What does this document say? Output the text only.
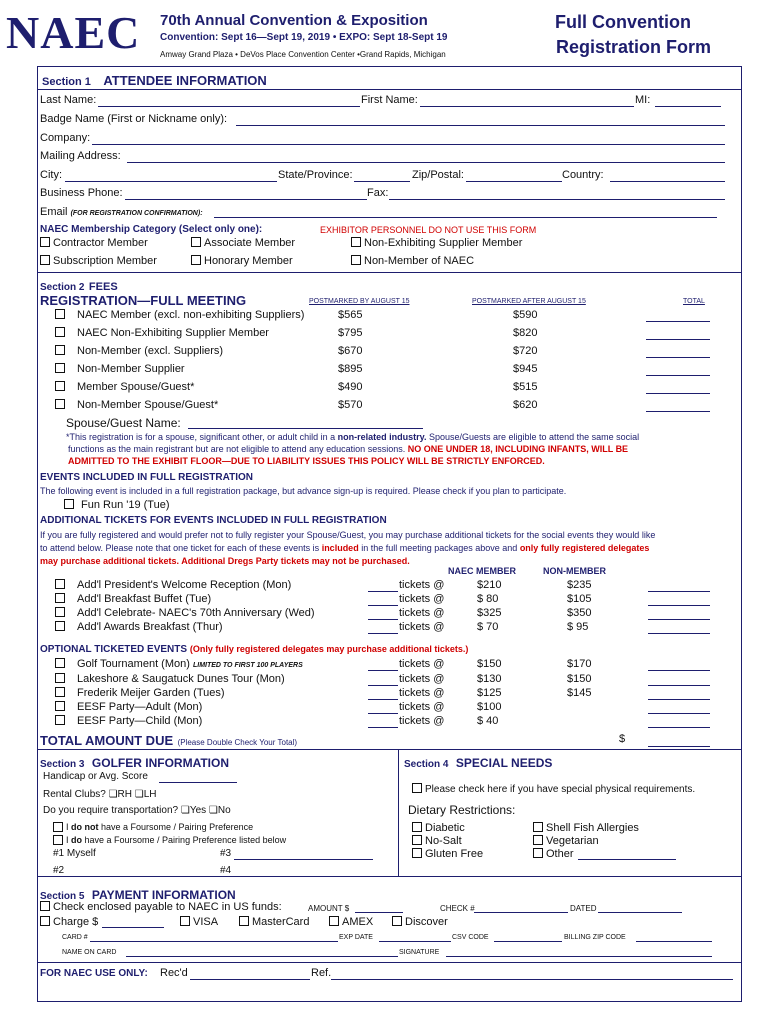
NAEC 70th Annual Convention & Exposition
Convention: Sept 16—Sept 19, 2019 • EXPO: Sept 18-Sept 19
Amway Grand Plaza • DeVos Place Convention Center •Grand Rapids, Michigan
Full Convention
Registration Form
Section 1 ATTENDEE INFORMATION
Last Name:	First Name:	MI:
Badge Name (First or Nickname only):
Company:
Mailing Address:
City:	State/Province:	Zip/Postal:	Country:
Business Phone:	Fax:
Email (FOR REGISTRATION CONFIRMATION):
NAEC Membership Category (Select only one):	EXHIBITOR PERSONNEL DO NOT USE THIS FORM
Contractor Member	Associate Member	Non-Exhibiting Supplier Member
Subscription Member	Honorary Member	Non-Member of NAEC
Section 2 FEES
REGISTRATION—FULL MEETING	POSTMARKED BY AUGUST 15	POSTMARKED AFTER AUGUST 15	TOTAL
NAEC Member (excl. non-exhibiting Suppliers)	$565	$590
NAEC Non-Exhibiting Supplier Member	$795	$820
Non-Member (excl. Suppliers)	$670	$720
Non-Member Supplier	$895	$945
Member Spouse/Guest*	$490	$515
Non-Member Spouse/Guest*	$570	$620
Spouse/Guest Name:
*This registration is for a spouse, significant other, or adult child in a non-related industry. Spouse/Guests are eligible to attend the same social
functions as the main registrant but are not eligible to attend any education sessions. NO ONE UNDER 18, INCLUDING INFANTS, WILL BE
ADMITTED TO THE EXHIBIT FLOOR—DUE TO LIABILITY ISSUES THIS POLICY WILL BE STRICTLY ENFORCED.
EVENTS INCLUDED IN FULL REGISTRATION
The following event is included in a full registration package, but advance sign-up is required. Please check if you plan to participate.
Fun Run '19 (Tue)
ADDITIONAL TICKETS FOR EVENTS INCLUDED IN FULL REGISTRATION
If you are fully registered and would prefer not to fully register your Spouse/Guest, you may purchase additional tickets for the social events they would like
to attend below. Please note that one ticket for each of these events is included in the full meeting packages above and only fully registered delegates
may purchase additional tickets. Additional Dregs Party tickets may not be purchased.
NAEC MEMBER	NON-MEMBER
Add'l President's Welcome Reception (Mon)	tickets @	$210	$235
Add'l Breakfast Buffet (Tue)	tickets @	$ 80	$105
Add'l Celebrate- NAEC's 70th Anniversary (Wed)	tickets @	$325	$350
Add'l Awards Breakfast (Thur)	tickets @	$ 70	$ 95
OPTIONAL TICKETED EVENTS (Only fully registered delegates may purchase additional tickets.)
Golf Tournament (Mon) LIMITED TO FIRST 100 PLAYERS	tickets @	$150	$170
Lakeshore & Saugatuck Dunes Tour (Mon)	tickets @	$130	$150
Frederik Meijer Garden (Tues)	tickets @	$125	$145
EESF Party—Adult (Mon)	tickets @	$100
EESF Party—Child (Mon)	tickets @	$ 40
TOTAL AMOUNT DUE (Please Double Check Your Total)	$
Section 3 GOLFER INFORMATION
Handicap or Avg. Score
Rental Clubs? ❏RH ❏LH
Do you require transportation? ❏Yes ❏No
I do not have a Foursome / Pairing Preference
I do have a Foursome / Pairing Preference listed below
#1 Myself	#3
#2	#4
Section 4 SPECIAL NEEDS
Please check here if you have special physical requirements.
Dietary Restrictions:
Diabetic
No-Salt
Gluten Free
Shell Fish Allergies
Vegetarian
Other
Section 5 PAYMENT INFORMATION
Check enclosed payable to NAEC in US funds:	AMOUNT $	CHECK #	DATED
Charge $	VISA	MasterCard	AMEX	Discover
CARD #	EXP DATE	CSV CODE	BILLING ZIP CODE
NAME ON CARD	SIGNATURE
FOR NAEC USE ONLY: Rec'd	Ref.
